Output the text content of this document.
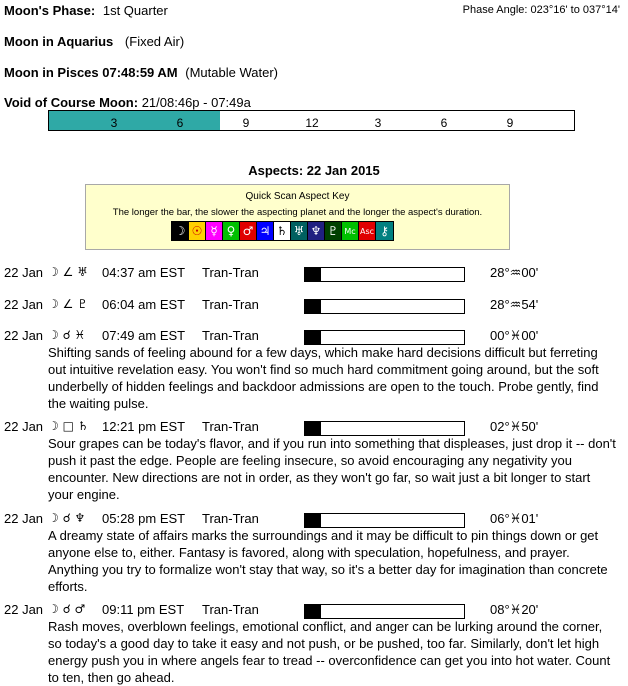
Moon's Phase: 1st Quarter	Phase Angle: 023°16' to 037°14'
Moon in Aquarius (Fixed Air)
Moon in Pisces 07:48:59 AM (Mutable Water)
Void of Course Moon: 21/08:46p - 07:49a
3	6	9	12	3	6	9
Aspects: 22 Jan 2015
Quick Scan Aspect Key
The longer the bar, the slower the aspecting planet and the longer the aspect's duration.
☽ ☉ ☿ ♀ ♂ ♃ ♄ ♅ ♆ ♇ Mc Asc ⚷
22 Jan ☽ ∠ ♅ 04:37 am EST Tran-Tran	28°♒00'
22 Jan ☽ ∠ ♇ 06:04 am EST Tran-Tran	28°♒54'
22 Jan ☽ ☌ ♓ 07:49 am EST Tran-Tran	00°♓00'
Shifting sands of feeling abound for a few days, which make hard decisions difficult but ferreting out intuitive revelation easy. You won't find so much hard commitment going around, but the soft underbelly of hidden feelings and backdoor admissions are open to the touch. Probe gently, find the waiting pulse.
22 Jan ☽ □ ♄ 12:21 pm EST Tran-Tran	02°♓50'
Sour grapes can be today's flavor, and if you run into something that displeases, just drop it -- don't push it past the edge. People are feeling insecure, so avoid encouraging any negativity you encounter. New directions are not in order, as they won't go far, so wait just a bit longer to start your engine.
22 Jan ☽ ☌ ♆ 05:28 pm EST Tran-Tran	06°♓01'
A dreamy state of affairs marks the surroundings and it may be difficult to pin things down or get anyone else to, either. Fantasy is favored, along with speculation, hopefulness, and prayer. Anything you try to formalize won't stay that way, so it's a better day for imagination than concrete efforts.
22 Jan ☽ ☌ ♂ 09:11 pm EST Tran-Tran	08°♓20'
Rash moves, overblown feelings, emotional conflict, and anger can be lurking around the corner, so today's a good day to take it easy and not push, or be pushed, too far. Similarly, don't let high energy push you in where angels fear to tread -- overconfidence can get you into hot water. Count to ten, then go ahead.
